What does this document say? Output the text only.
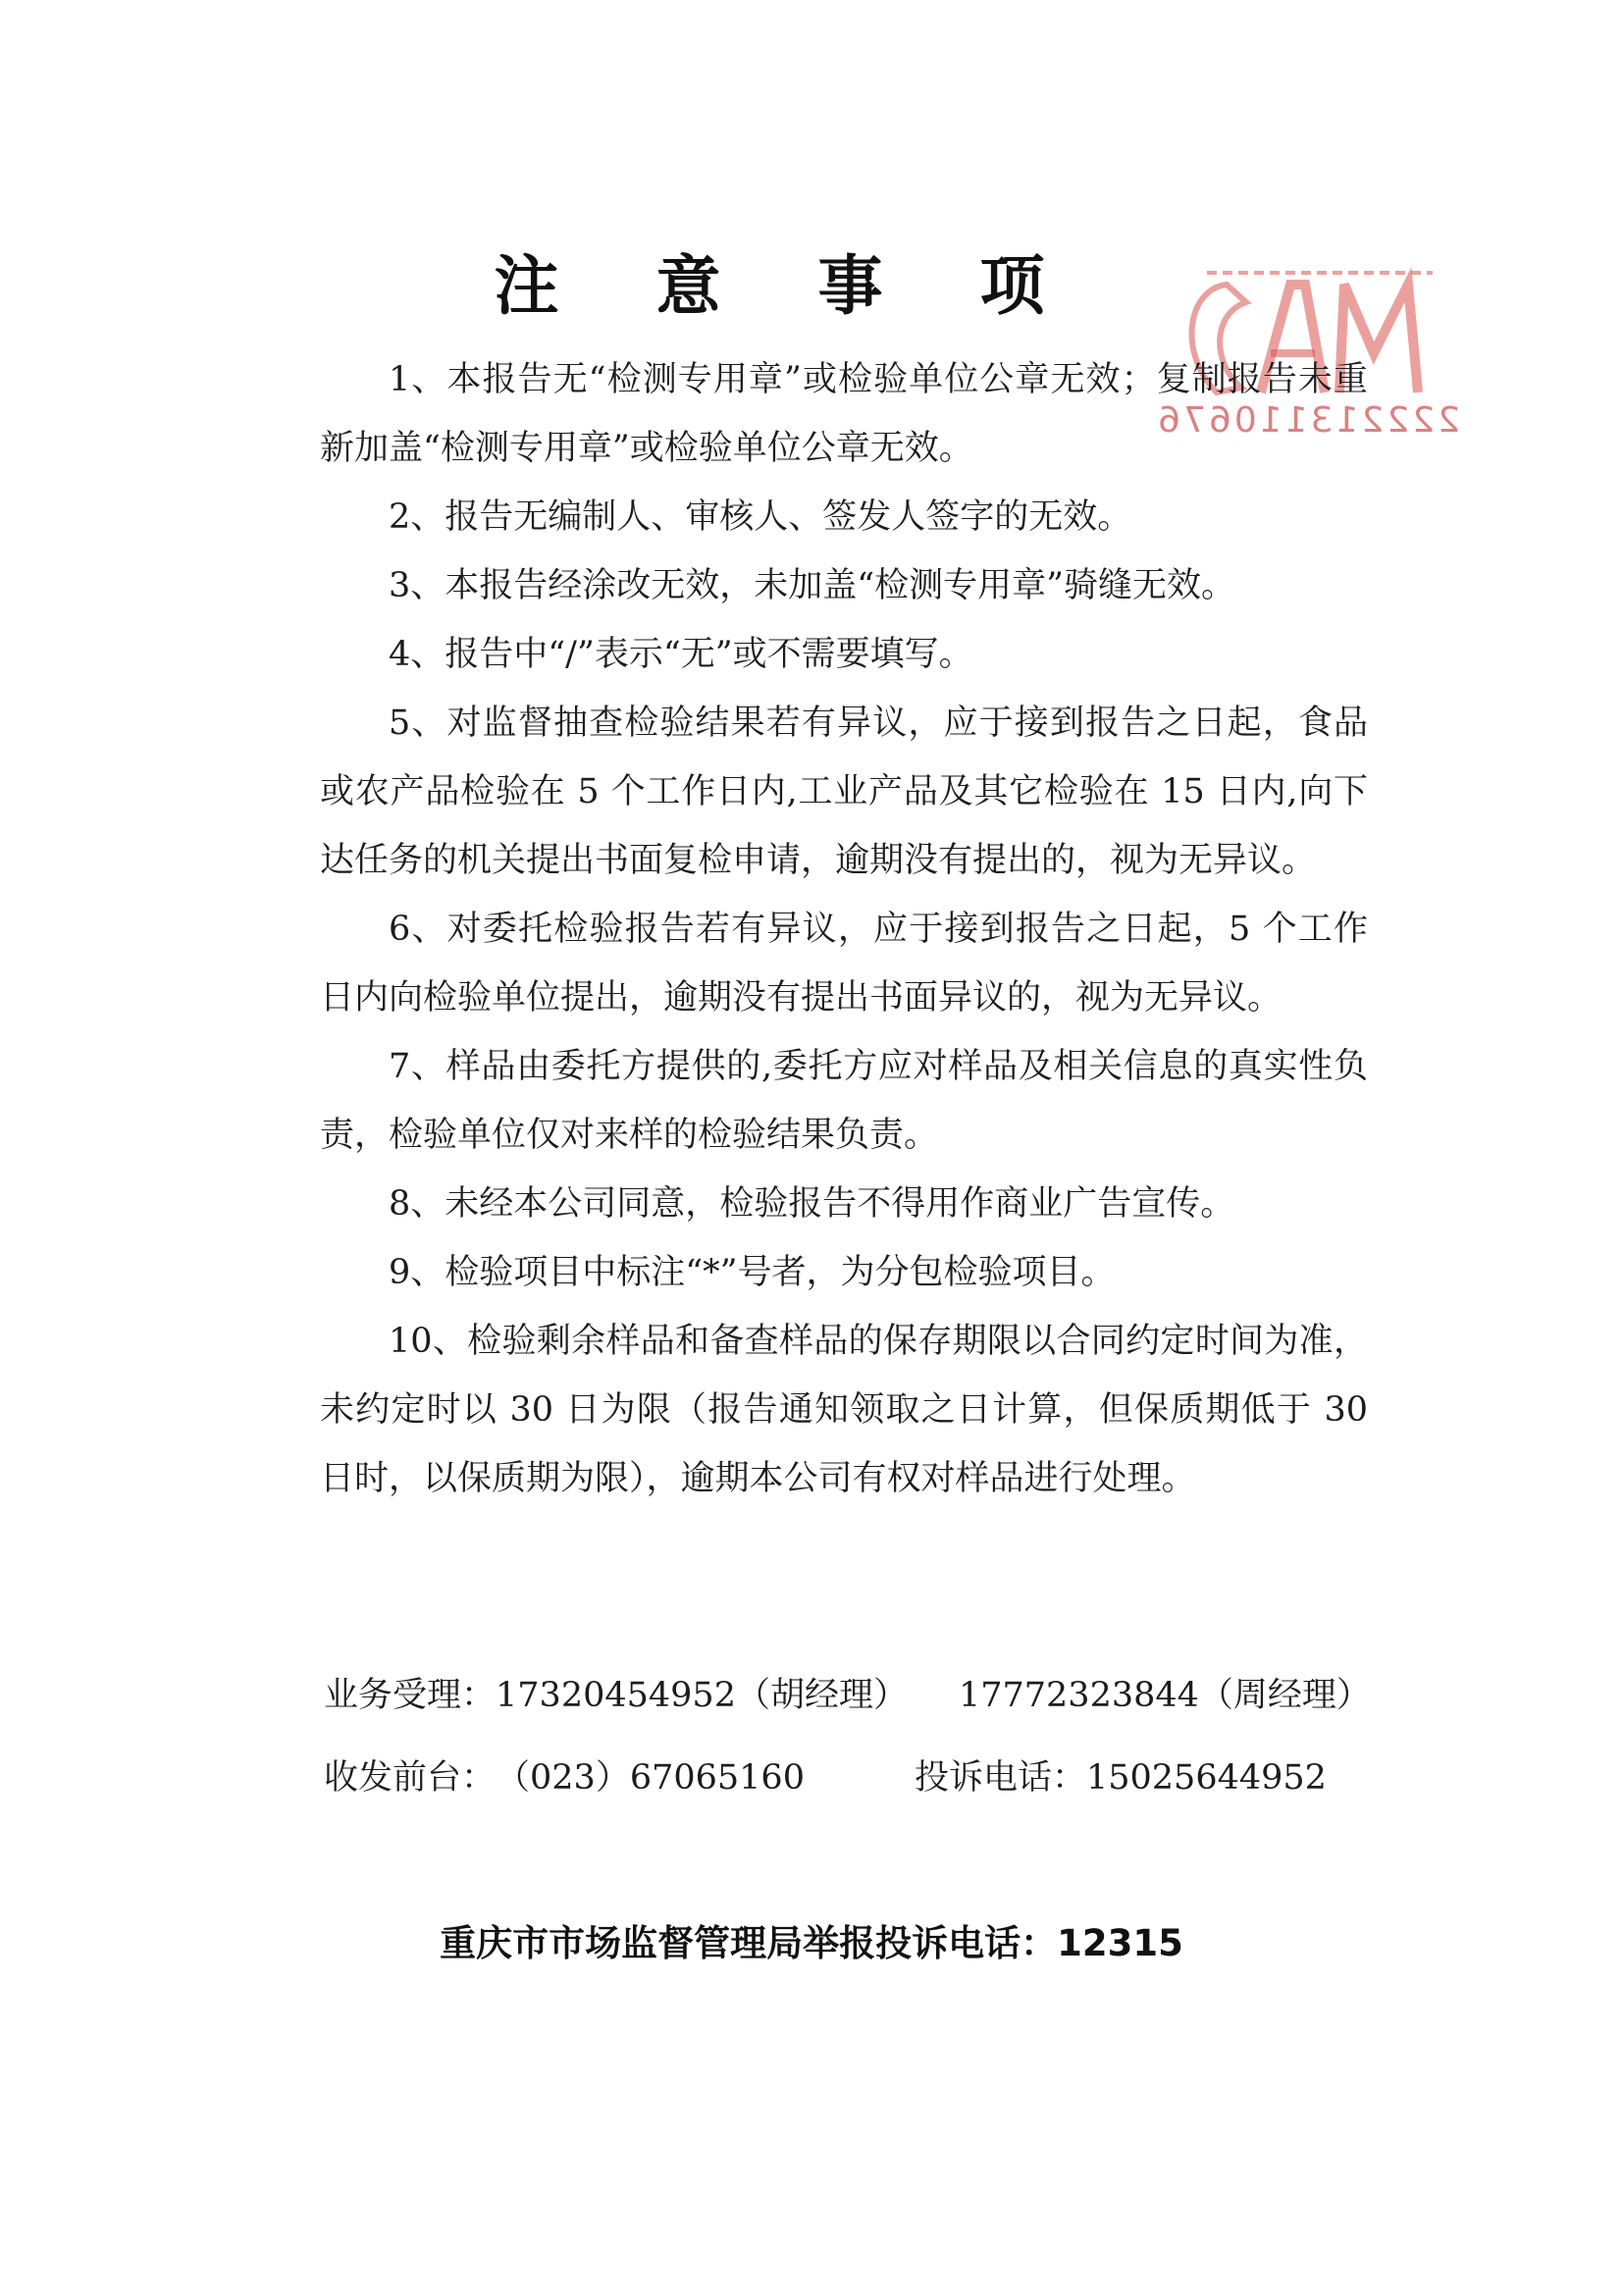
注 意 事 项

222213110676

1、本报告无“检测专用章”或检验单位公章无效；复制报告未重新加盖“检测专用章”或检验单位公章无效。

2、报告无编制人、审核人、签发人签字的无效。

3、本报告经涂改无效，未加盖“检测专用章”骑缝无效。

4、报告中“/”表示“无”或不需要填写。

5、对监督抽查检验结果若有异议，应于接到报告之日起，食品或农产品检验在 5 个工作日内,工业产品及其它检验在 15 日内,向下达任务的机关提出书面复检申请，逾期没有提出的，视为无异议。

6、对委托检验报告若有异议，应于接到报告之日起，5 个工作日内向检验单位提出，逾期没有提出书面异议的，视为无异议。

7、样品由委托方提供的,委托方应对样品及相关信息的真实性负责，检验单位仅对来样的检验结果负责。

8、未经本公司同意，检验报告不得用作商业广告宣传。

9、检验项目中标注“*”号者，为分包检验项目。

10、检验剩余样品和备查样品的保存期限以合同约定时间为准，未约定时以 30 日为限（报告通知领取之日计算，但保质期低于 30 日时，以保质期为限），逾期本公司有权对样品进行处理。

业务受理：17320454952（胡经理） 17772323844（周经理）

收发前台：（023）67065160	投诉电话：15025644952

重庆市市场监督管理局举报投诉电话：12315
